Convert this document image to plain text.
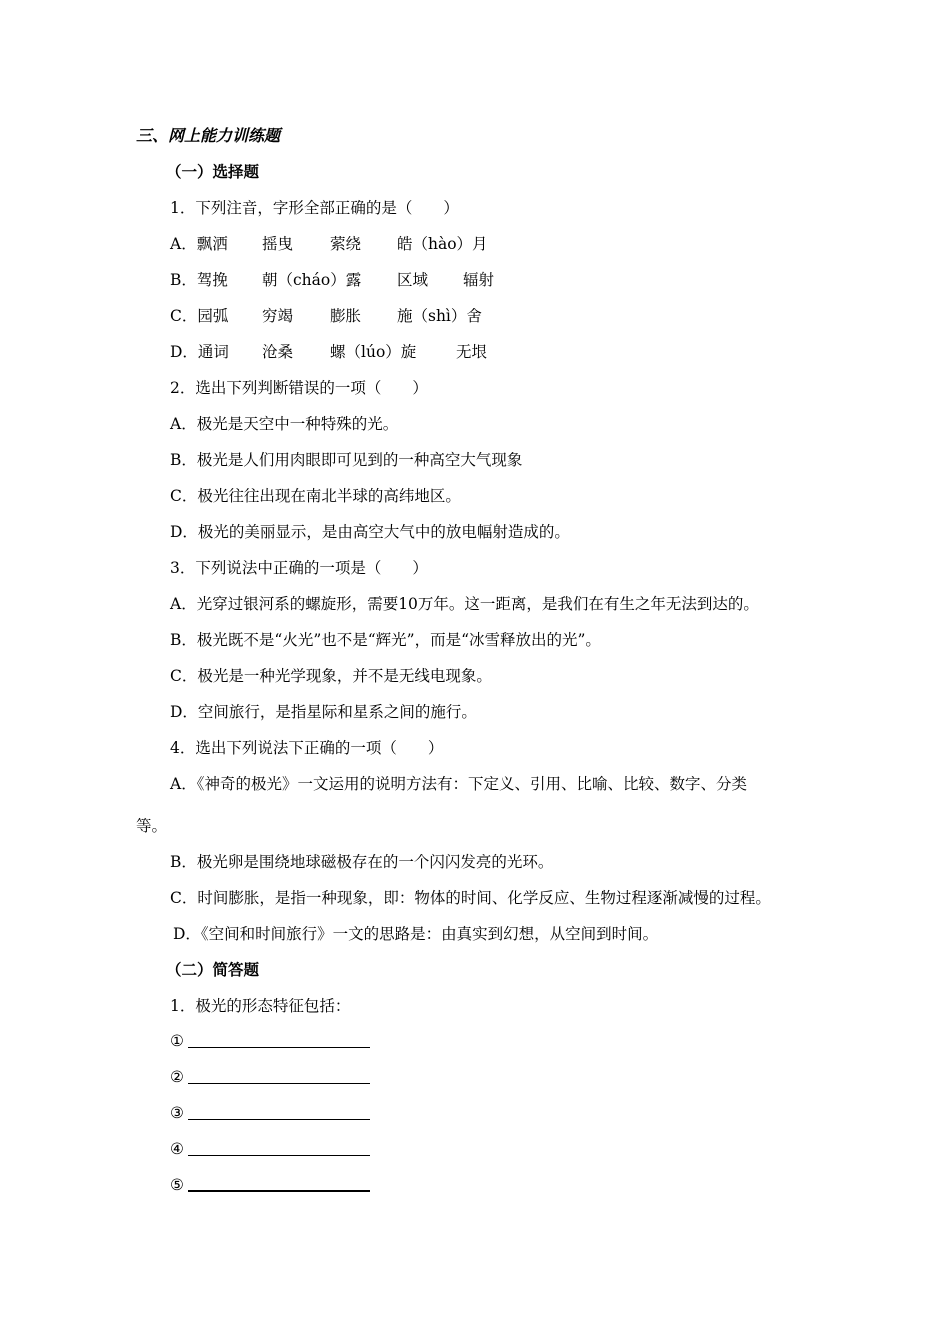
三、网上能力训练题
（一）选择题
1．下列注音，字形全部正确的是（　　）
A．飘洒 摇曳 萦绕 皓（hào）月
B．驾挽 朝（cháo）露 区域 辐射
C．园弧 穷竭 膨胀 施（shì）舍
D．通词 沧桑 螺（lúo）旋	无垠
2．选出下列判断错误的一项（　　）
A．极光是天空中一种特殊的光。
B．极光是人们用肉眼即可见到的一种高空大气现象
C．极光往往出现在南北半球的高纬地区。
D．极光的美丽显示，是由高空大气中的放电幅射造成的。
3．下列说法中正确的一项是（　　）
A．光穿过银河系的螺旋形，需要10万年。这一距离，是我们在有生之年无法到达的。
B．极光既不是“火光”也不是“辉光”，而是“冰雪释放出的光”。
C．极光是一种光学现象，并不是无线电现象。
D．空间旅行，是指星际和星系之间的施行。
4．选出下列说法下正确的一项（　　）
A．《神奇的极光》一文运用的说明方法有：下定义、引用、比喻、比较、数字、分类
等。
B．极光卵是围绕地球磁极存在的一个闪闪发亮的光环。
C．时间膨胀，是指一种现象，即：物体的时间、化学反应、生物过程逐渐减慢的过程。
D．《空间和时间旅行》一文的思路是：由真实到幻想，从空间到时间。
（二）简答题
1．极光的形态特征包括：
①
②
③
④
⑤
